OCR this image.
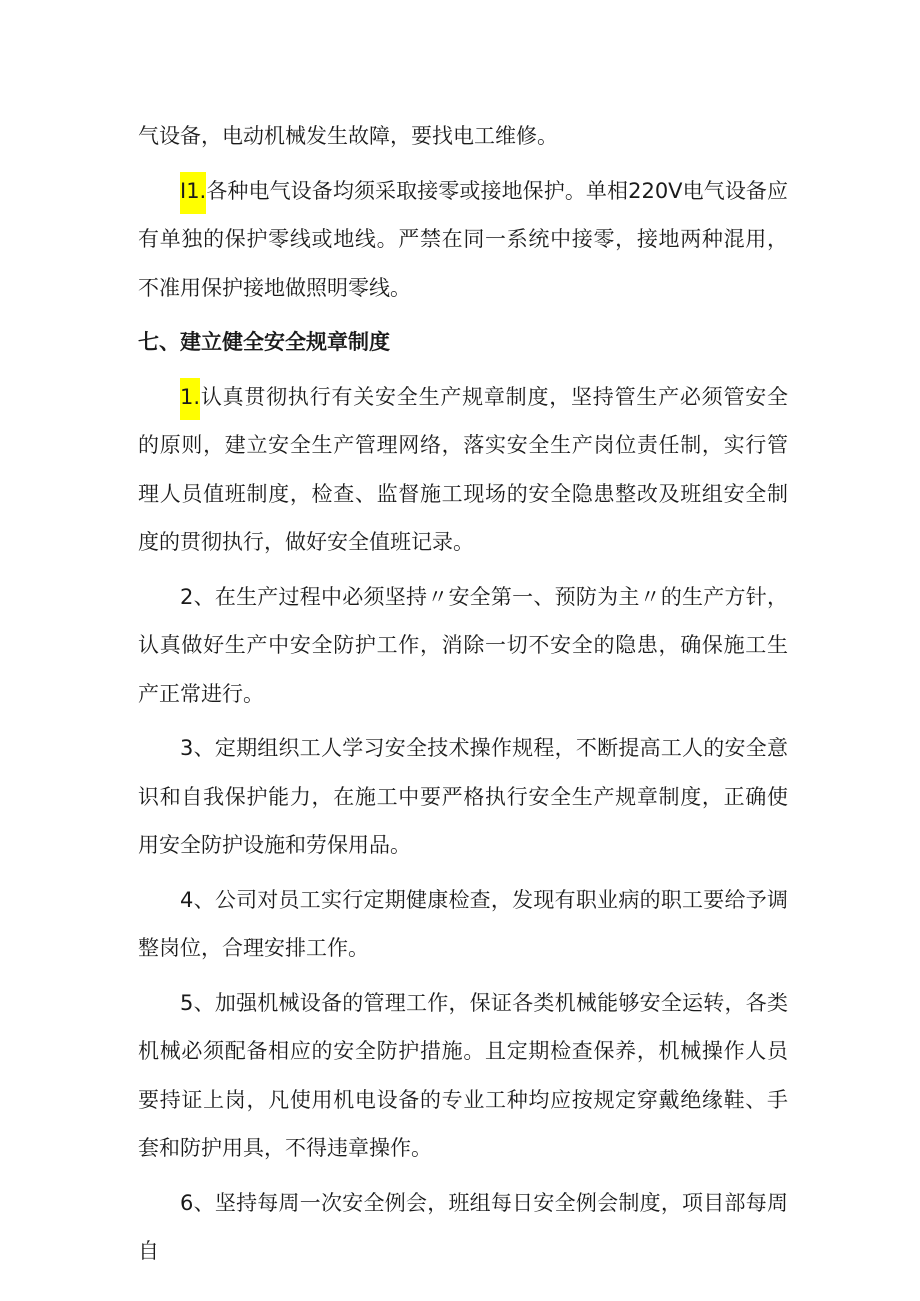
气设备，电动机械发生故障，要找电工维修。

I1.各种电气设备均须采取接零或接地保护。单相220V电气设备应有单独的保护零线或地线。严禁在同一系统中接零，接地两种混用，不准用保护接地做照明零线。

七、建立健全安全规章制度

1.认真贯彻执行有关安全生产规章制度，坚持管生产必须管安全的原则，建立安全生产管理网络，落实安全生产岗位责任制，实行管理人员值班制度，检查、监督施工现场的安全隐患整改及班组安全制度的贯彻执行，做好安全值班记录。

2、在生产过程中必须坚持〃安全第一、预防为主〃的生产方针，认真做好生产中安全防护工作，消除一切不安全的隐患，确保施工生产正常进行。

3、定期组织工人学习安全技术操作规程，不断提高工人的安全意识和自我保护能力，在施工中要严格执行安全生产规章制度，正确使用安全防护设施和劳保用品。

4、公司对员工实行定期健康检查，发现有职业病的职工要给予调整岗位，合理安排工作。

5、加强机械设备的管理工作，保证各类机械能够安全运转，各类机械必须配备相应的安全防护措施。且定期检查保养，机械操作人员要持证上岗，凡使用机电设备的专业工种均应按规定穿戴绝缘鞋、手套和防护用具，不得违章操作。

6、坚持每周一次安全例会，班组每日安全例会制度，项目部每周自
